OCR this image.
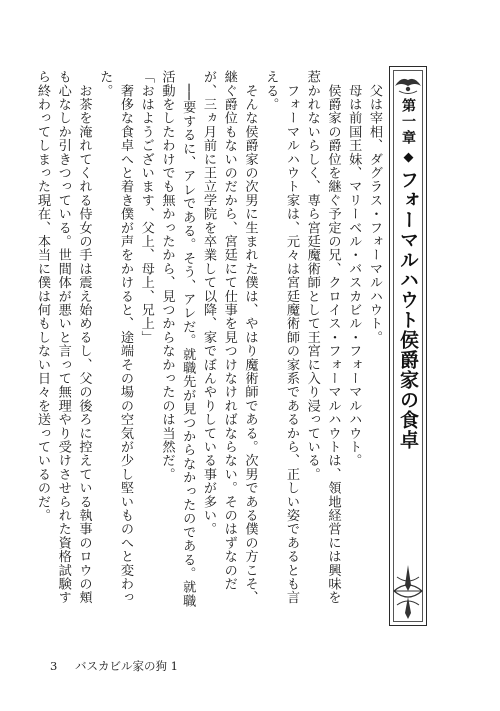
第一章◆フォーマルハウト侯爵家の食卓

　父は宰相、ダグラス・フォーマルハウト。

　母は前国王妹、マリーベル・バスカビル・フォーマルハウト。

　侯爵家の爵位を継ぐ予定の兄、クロイス・フォーマルハウトは、領地経営には興味を惹かれないらしく、専ら宮廷魔術師として王宮に入り浸っている。

　フォーマルハウト家は、元々は宮廷魔術師の家系であるから、正しい姿であるとも言える。

　そんな侯爵家の次男に生まれた僕は、やはり魔術師である。次男である僕の方こそ、継ぐ爵位もないのだから、宮廷にて仕事を見つけなければならない。そのはずなのだが、三ヵ月前に王立学院を卒業して以降、家でぼんやりしている事が多い。

　──要するに、アレである。そう、アレだ。就職先が見つからなかったのである。就職活動をしたわけでも無かったから、見つからなかったのは当然だ。

「おはようございます、父上、母上、兄上」

　奢侈な食卓へと着き僕が声をかけると、途端その場の空気が少し堅いものへと変わった。

　お茶を淹れてくれる侍女の手は震え始めるし、父の後ろに控えている執事のロウの頬も心なしか引きつっている。世間体が悪いと言って無理やり受けさせられた資格試験すら終わってしまった現在、本当に僕は何もしない日々を送っているのだ。

3 バスカビル家の狗 1
